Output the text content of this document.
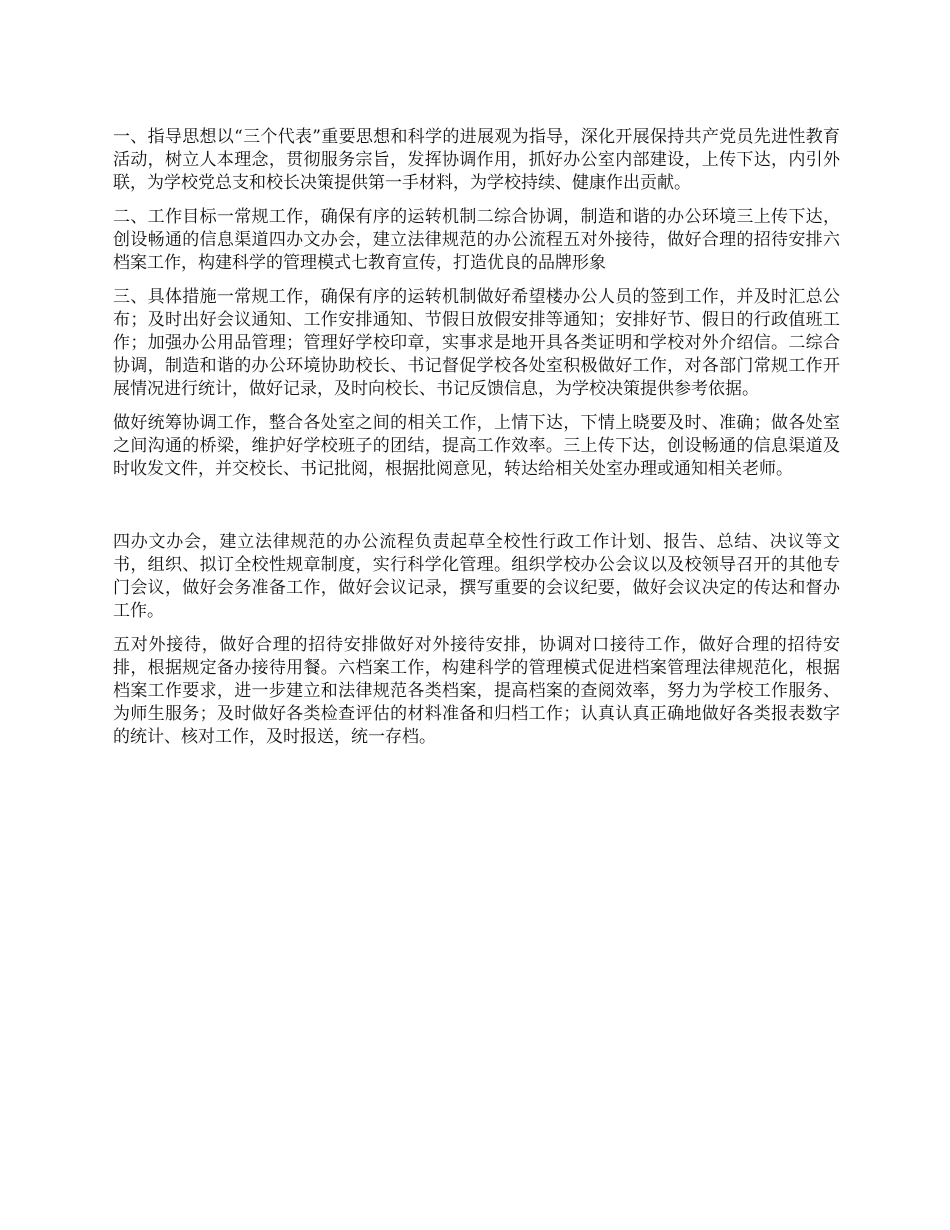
一、指导思想以“三个代表”重要思想和科学的进展观为指导，深化开展保持共产党员先进性教育活动，树立人本理念，贯彻服务宗旨，发挥协调作用，抓好办公室内部建设，上传下达，内引外联，为学校党总支和校长决策提供第一手材料，为学校持续、健康作出贡献。

二、工作目标一常规工作，确保有序的运转机制二综合协调，制造和谐的办公环境三上传下达，创设畅通的信息渠道四办文办会，建立法律规范的办公流程五对外接待，做好合理的招待安排六档案工作，构建科学的管理模式七教育宣传，打造优良的品牌形象

三、具体措施一常规工作，确保有序的运转机制做好希望楼办公人员的签到工作，并及时汇总公布；及时出好会议通知、工作安排通知、节假日放假安排等通知；安排好节、假日的行政值班工作；加强办公用品管理；管理好学校印章，实事求是地开具各类证明和学校对外介绍信。二综合协调，制造和谐的办公环境协助校长、书记督促学校各处室积极做好工作，对各部门常规工作开展情况进行统计，做好记录，及时向校长、书记反馈信息，为学校决策提供参考依据。

做好统筹协调工作，整合各处室之间的相关工作，上情下达，下情上晓要及时、准确；做各处室之间沟通的桥梁，维护好学校班子的团结，提高工作效率。三上传下达，创设畅通的信息渠道及时收发文件，并交校长、书记批阅，根据批阅意见，转达给相关处室办理或通知相关老师。

四办文办会，建立法律规范的办公流程负责起草全校性行政工作计划、报告、总结、决议等文书，组织、拟订全校性规章制度，实行科学化管理。组织学校办公会议以及校领导召开的其他专门会议，做好会务准备工作，做好会议记录，撰写重要的会议纪要，做好会议决定的传达和督办工作。

五对外接待，做好合理的招待安排做好对外接待安排，协调对口接待工作，做好合理的招待安排，根据规定备办接待用餐。六档案工作，构建科学的管理模式促进档案管理法律规范化，根据档案工作要求，进一步建立和法律规范各类档案，提高档案的查阅效率，努力为学校工作服务、为师生服务；及时做好各类检查评估的材料准备和归档工作；认真认真正确地做好各类报表数字的统计、核对工作，及时报送，统一存档。
